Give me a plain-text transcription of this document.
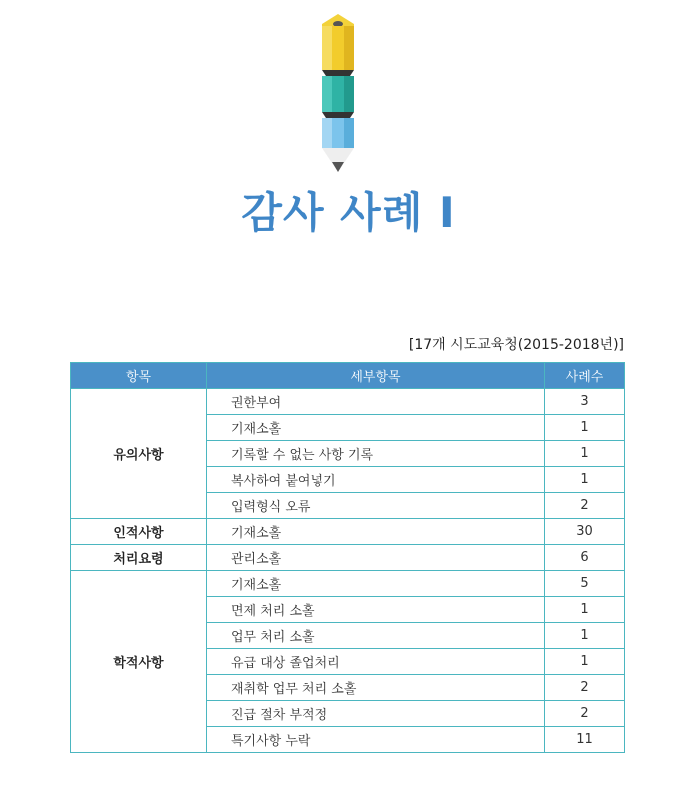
감사 사례 Ⅰ
[17개 시도교육청(2015-2018년)]
항목	세부항목	사례수
유의사항	권한부여	3
	기재소홀	1
	기록할 수 없는 사항 기록	1
	복사하여 붙여넣기	1
	입력형식 오류	2
인적사항	기재소홀	30
처리요령	관리소홀	6
학적사항	기재소홀	5
	면제 처리 소홀	1
	업무 처리 소홀	1
	유급 대상 졸업처리	1
	재취학 업무 처리 소홀	2
	진급 절차 부적정	2
	특기사항 누락	11
